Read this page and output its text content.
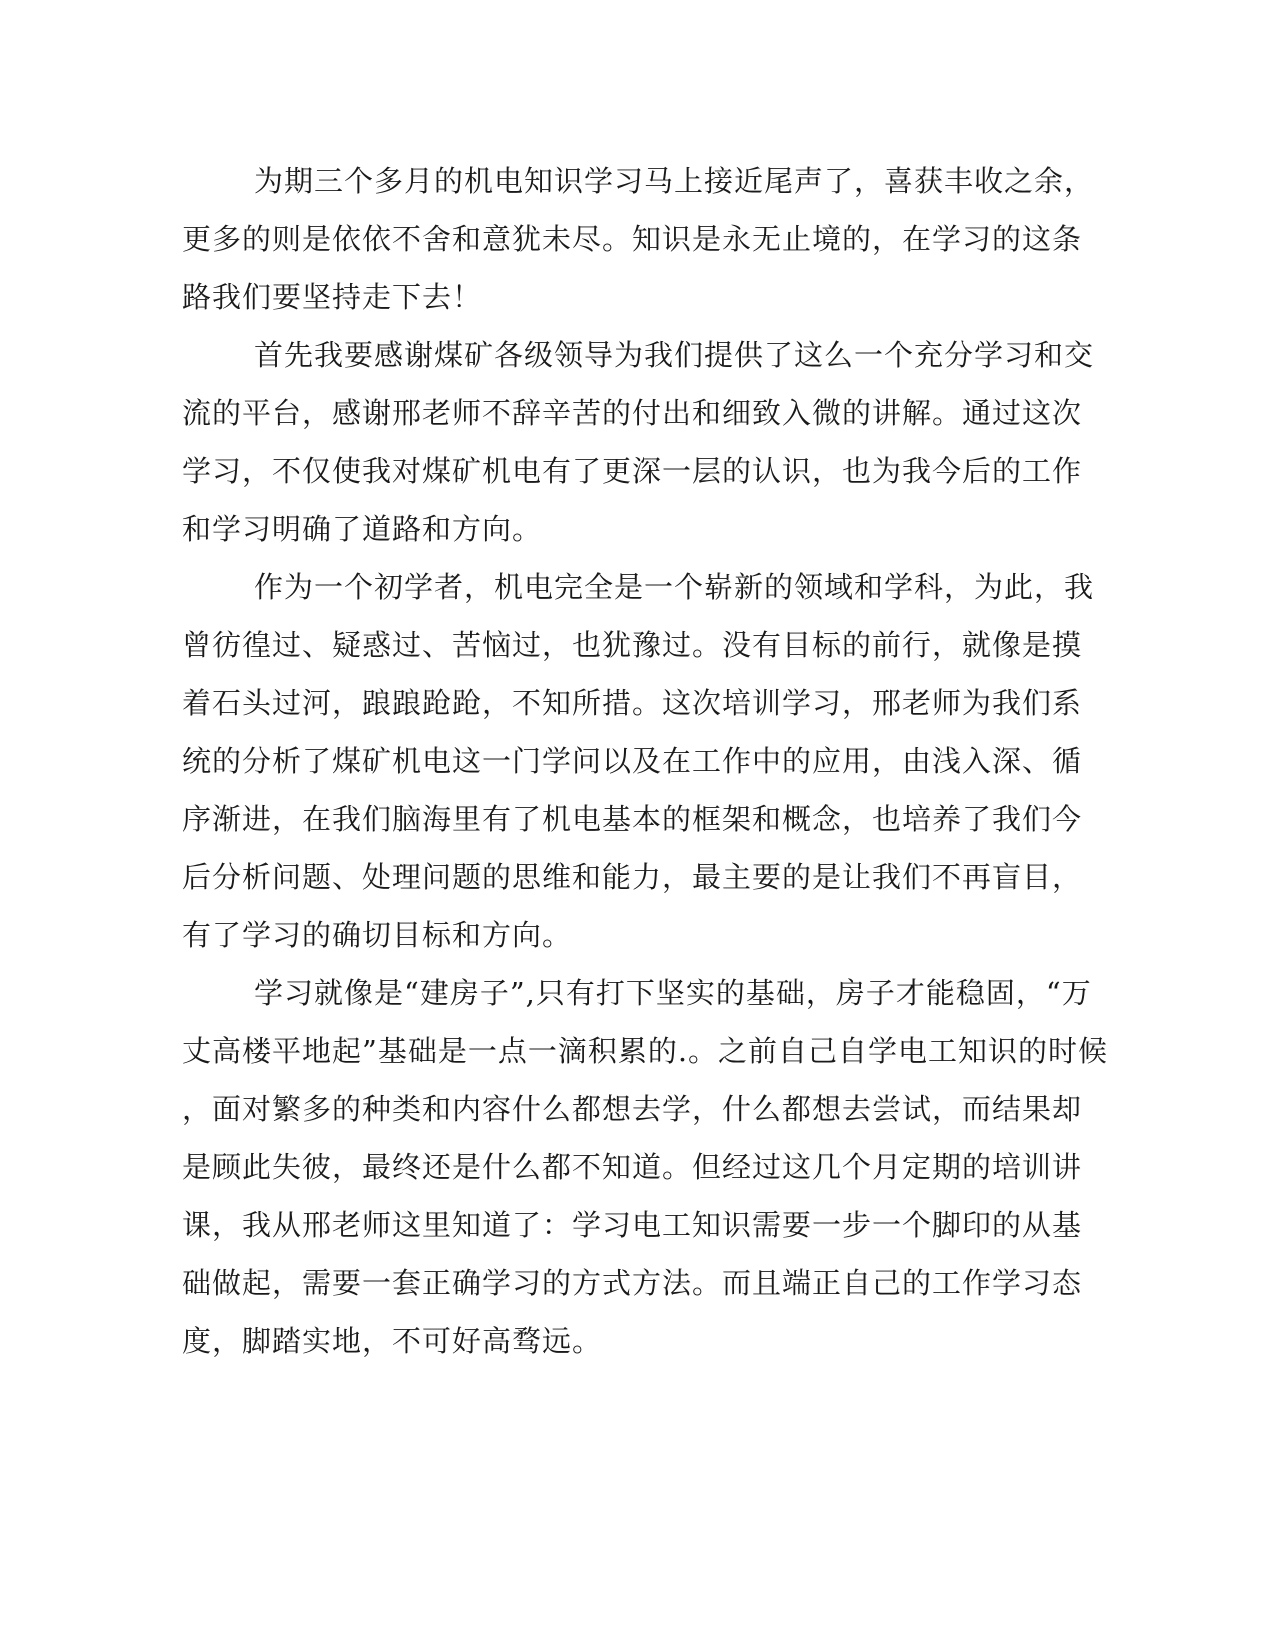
为期三个多月的机电知识学习马上接近尾声了，喜获丰收之余，
更多的则是依依不舍和意犹未尽。知识是永无止境的，在学习的这条
路我们要坚持走下去！
首先我要感谢煤矿各级领导为我们提供了这么一个充分学习和交
流的平台，感谢邢老师不辞辛苦的付出和细致入微的讲解。通过这次
学习，不仅使我对煤矿机电有了更深一层的认识，也为我今后的工作
和学习明确了道路和方向。
作为一个初学者，机电完全是一个崭新的领域和学科，为此，我
曾彷徨过、疑惑过、苦恼过，也犹豫过。没有目标的前行，就像是摸
着石头过河，踉踉跄跄，不知所措。这次培训学习，邢老师为我们系
统的分析了煤矿机电这一门学问以及在工作中的应用，由浅入深、循
序渐进，在我们脑海里有了机电基本的框架和概念，也培养了我们今
后分析问题、处理问题的思维和能力，最主要的是让我们不再盲目，
有了学习的确切目标和方向。
学习就像是“建房子”,只有打下坚实的基础，房子才能稳固，“万
丈高楼平地起”基础是一点一滴积累的.。之前自己自学电工知识的时候
，面对繁多的种类和内容什么都想去学，什么都想去尝试，而结果却
是顾此失彼，最终还是什么都不知道。但经过这几个月定期的培训讲
课，我从邢老师这里知道了：学习电工知识需要一步一个脚印的从基
础做起，需要一套正确学习的方式方法。而且端正自己的工作学习态
度，脚踏实地，不可好高骛远。
